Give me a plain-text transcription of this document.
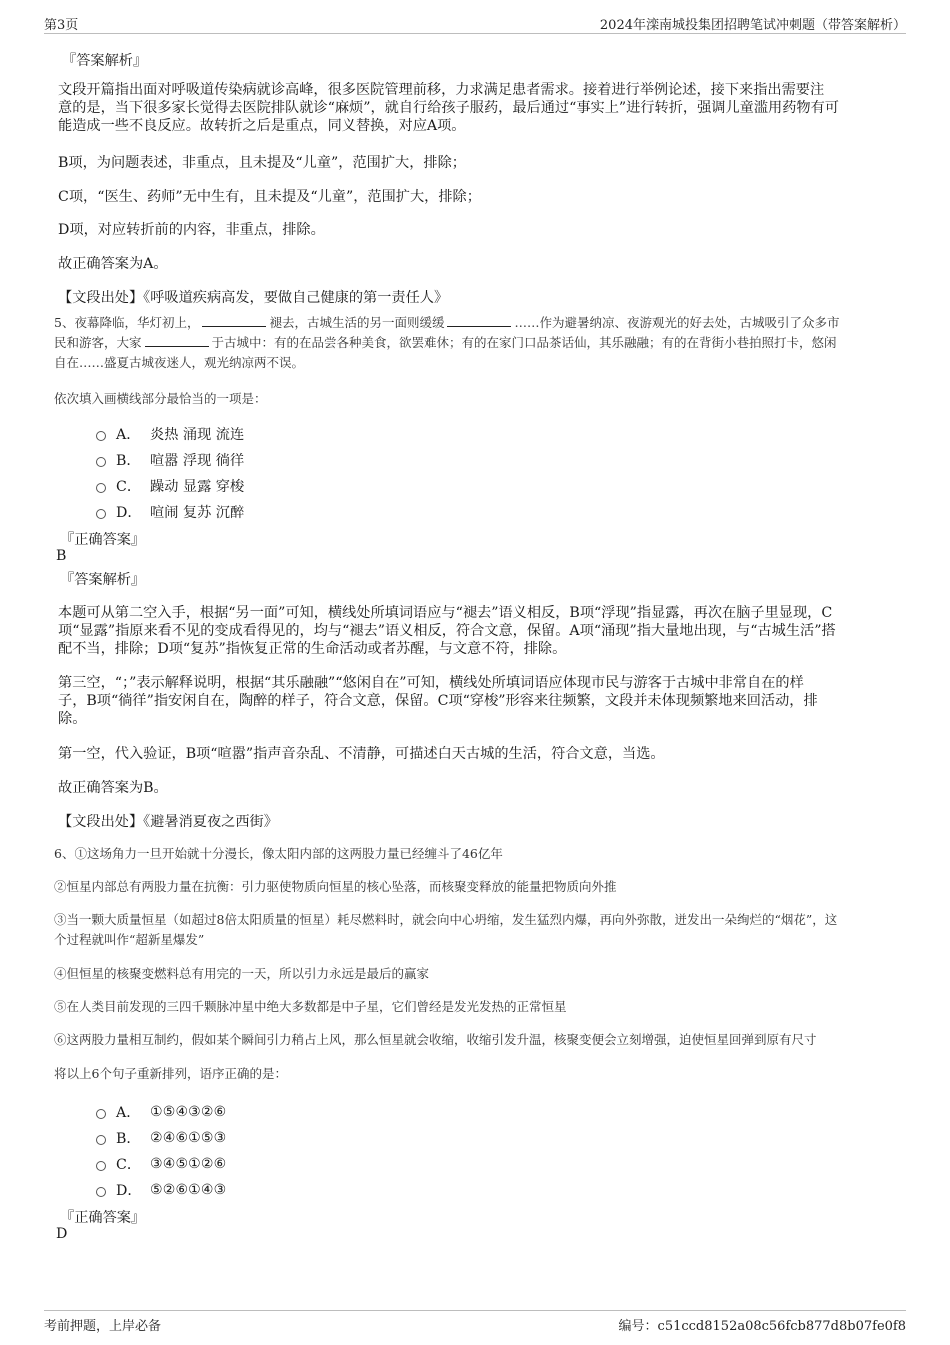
第3页	2024年滦南城投集团招聘笔试冲刺题（带答案解析）
『答案解析』
文段开篇指出面对呼吸道传染病就诊高峰，很多医院管理前移，力求满足患者需求。接着进行举例论述，接下来指出需要注
意的是，当下很多家长觉得去医院排队就诊“麻烦”，就自行给孩子服药，最后通过“事实上”进行转折，强调儿童滥用药物有可
能造成一些不良反应。故转折之后是重点，同义替换，对应A项。
B项，为问题表述，非重点，且未提及“儿童”，范围扩大，排除；
C项，“医生、药师”无中生有，且未提及“儿童”，范围扩大，排除；
D项，对应转折前的内容，非重点，排除。
故正确答案为A。
【文段出处】《呼吸道疾病高发，要做自己健康的第一责任人》
5、夜幕降临，华灯初上，	褪去，古城生活的另一面则缓缓	……作为避暑纳凉、夜游观光的好去处，古城吸引了众多市
民和游客，大家	于古城中：有的在品尝各种美食，欲罢难休；有的在家门口品茶话仙，其乐融融；有的在背街小巷拍照打卡，悠闲
自在……盛夏古城夜迷人，观光纳凉两不误。
依次填入画横线部分最恰当的一项是：
A． 炎热 涌现 流连
B． 喧嚣 浮现 徜徉
C． 躁动 显露 穿梭
D． 喧闹 复苏 沉醉
『正确答案』
B
『答案解析』
本题可从第二空入手，根据“另一面”可知，横线处所填词语应与“褪去”语义相反，B项“浮现”指显露，再次在脑子里显现，C
项“显露”指原来看不见的变成看得见的，均与“褪去”语义相反，符合文意，保留。A项“涌现”指大量地出现，与“古城生活”搭
配不当，排除；D项“复苏”指恢复正常的生命活动或者苏醒，与文意不符，排除。
第三空，“；”表示解释说明，根据“其乐融融”“悠闲自在”可知，横线处所填词语应体现市民与游客于古城中非常自在的样
子，B项“徜徉”指安闲自在，陶醉的样子，符合文意，保留。C项“穿梭”形容来往频繁，文段并未体现频繁地来回活动，排
除。
第一空，代入验证，B项“喧嚣”指声音杂乱、不清静，可描述白天古城的生活，符合文意，当选。
故正确答案为B。
【文段出处】《避暑消夏夜之西街》
6、①这场角力一旦开始就十分漫长，像太阳内部的这两股力量已经缠斗了46亿年
②恒星内部总有两股力量在抗衡：引力驱使物质向恒星的核心坠落，而核聚变释放的能量把物质向外推
③当一颗大质量恒星（如超过8倍太阳质量的恒星）耗尽燃料时，就会向中心坍缩，发生猛烈内爆，再向外弥散，迸发出一朵绚烂的“烟花”，这
个过程就叫作“超新星爆发”
④但恒星的核聚变燃料总有用完的一天，所以引力永远是最后的赢家
⑤在人类目前发现的三四千颗脉冲星中绝大多数都是中子星，它们曾经是发光发热的正常恒星
⑥这两股力量相互制约，假如某个瞬间引力稍占上风，那么恒星就会收缩，收缩引发升温，核聚变便会立刻增强，迫使恒星回弹到原有尺寸
将以上6个句子重新排列，语序正确的是：
A． ①⑤④③②⑥
B． ②④⑥①⑤③
C． ③④⑤①②⑥
D． ⑤②⑥①④③
『正确答案』
D
考前押题，上岸必备	编号：c51ccd8152a08c56fcb877d8b07fe0f8
